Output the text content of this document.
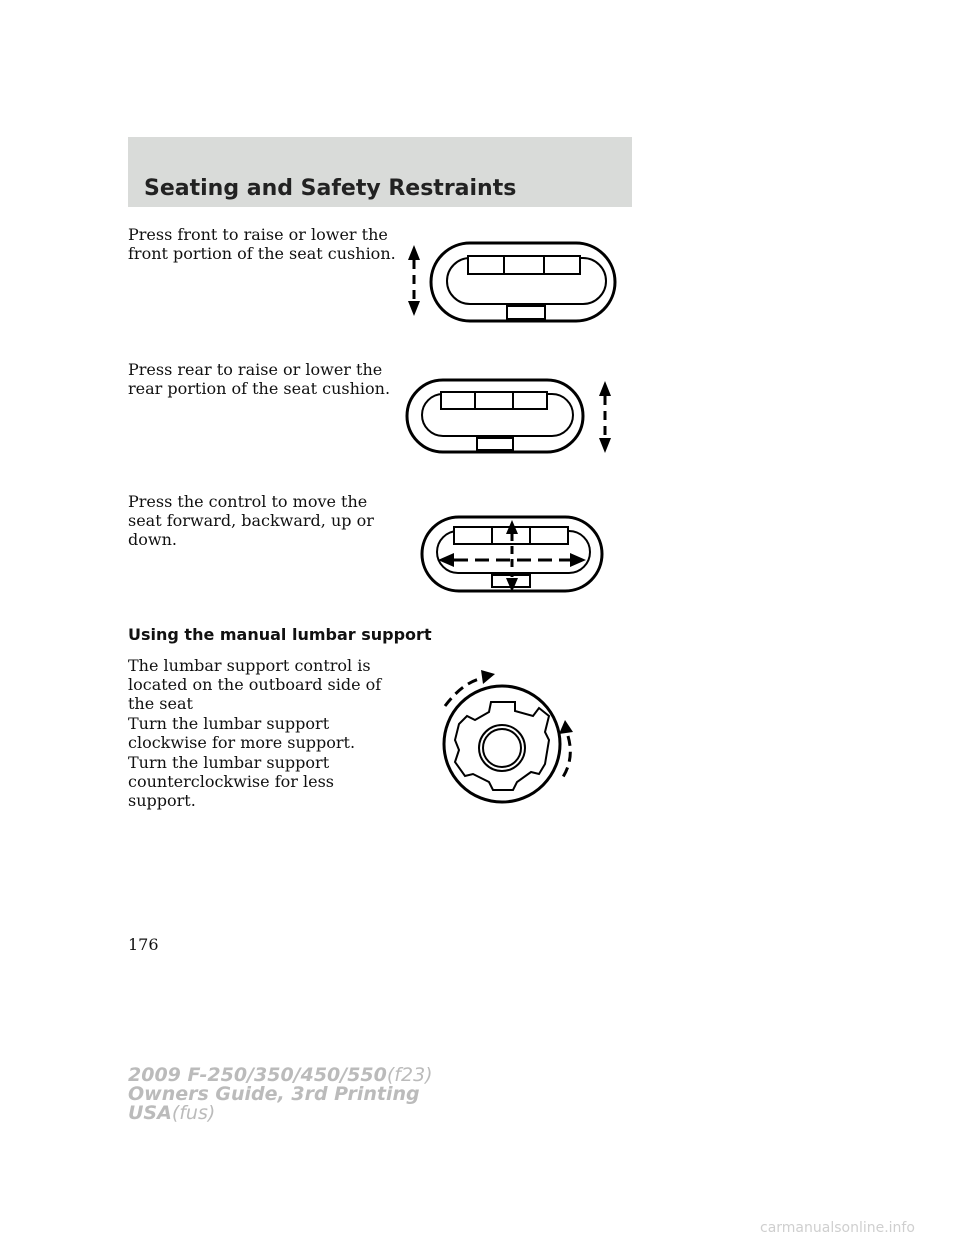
Seating and Safety Restraints

Press front to raise or lower the front portion of the seat cushion.

Press rear to raise or lower the rear portion of the seat cushion.

Press the control to move the seat forward, backward, up or down.

Using the manual lumbar support

The lumbar support control is located on the outboard side of the seat

Turn the lumbar support clockwise for more support.

Turn the lumbar support counterclockwise for less support.

176
2009 F-250/350/450/550(f23)
Owners Guide, 3rd Printing
USA(fus)
carmanualsonline.info
